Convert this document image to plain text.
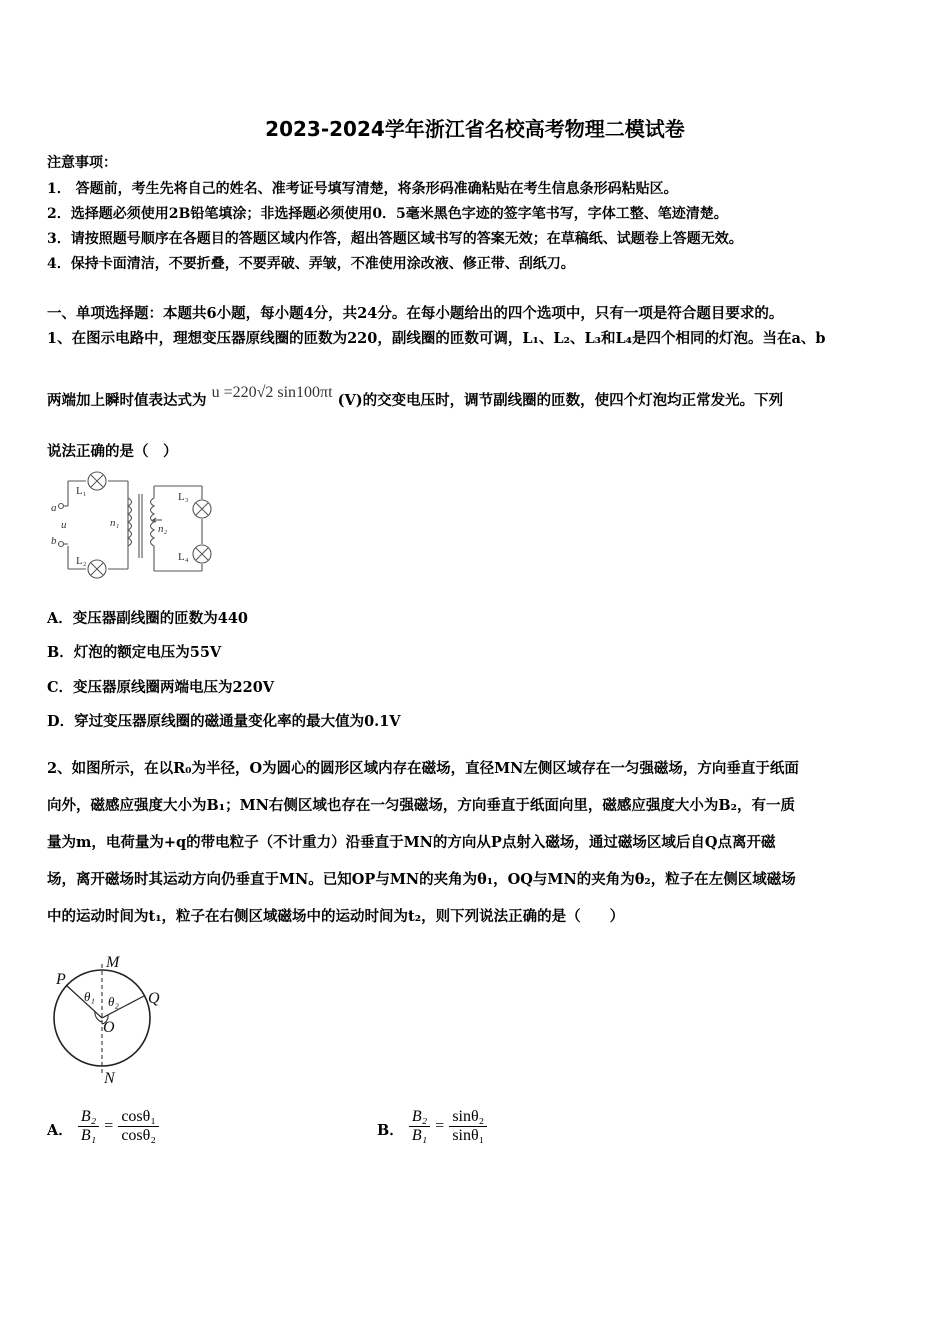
2023-2024学年浙江省名校高考物理二模试卷
注意事项：
1． 答题前，考生先将自己的姓名、准考证号填写清楚，将条形码准确粘贴在考生信息条形码粘贴区。
2．选择题必须使用2B铅笔填涂；非选择题必须使用0．5毫米黑色字迹的签字笔书写，字体工整、笔迹清楚。
3．请按照题号顺序在各题目的答题区域内作答，超出答题区域书写的答案无效；在草稿纸、试题卷上答题无效。
4．保持卡面清洁，不要折叠，不要弄破、弄皱，不准使用涂改液、修正带、刮纸刀。
一、单项选择题：本题共6小题，每小题4分，共24分。在每小题给出的四个选项中，只有一项是符合题目要求的。
1、在图示电路中，理想变压器原线圈的匝数为220，副线圈的匝数可调，L₁、L₂、L₃和L₄是四个相同的灯泡。当在a、b
两端加上瞬时值表达式为 u =220√2 sin100πt (V)的交变电压时，调节副线圈的匝数，使四个灯泡均正常发光。下列
说法正确的是（　）
L₁
L₂
L₃
L₄
a
u
b
n₁	n₂
A．变压器副线圈的匝数为440
B．灯泡的额定电压为55V
C．变压器原线圈两端电压为220V
D．穿过变压器原线圈的磁通量变化率的最大值为0.1V
2、如图所示，在以R₀为半径，O为圆心的圆形区域内存在磁场，直径MN左侧区域存在一匀强磁场，方向垂直于纸面
向外，磁感应强度大小为B₁；MN右侧区域也存在一匀强磁场，方向垂直于纸面向里，磁感应强度大小为B₂，有一质
量为m，电荷量为+q的带电粒子（不计重力）沿垂直于MN的方向从P点射入磁场，通过磁场区域后自Q点离开磁
场，离开磁场时其运动方向仍垂直于MN。已知OP与MN的夹角为θ₁，OQ与MN的夹角为θ₂，粒子在左侧区域磁场
中的运动时间为t₁，粒子在右侧区域磁场中的运动时间为t₂，则下列说法正确的是（　　）
M
N
P
Q
O
θ₁ θ₂
A． $\frac{\text{B₂}}{\text{B₁}} = \frac{\text{cosθ₁}}{\text{cosθ₂}}$	B． $\frac{\text{B₂}}{\text{B₁}} = \frac{\text{sinθ₂}}{\text{sinθ₁}}$
